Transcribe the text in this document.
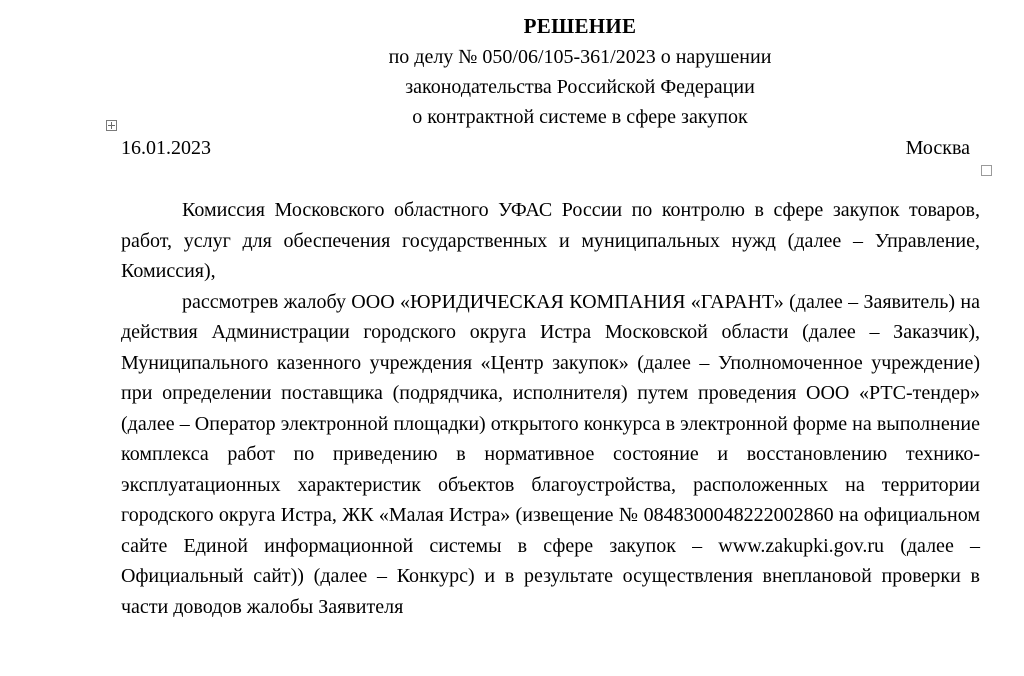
РЕШЕНИЕ
по делу № 050/06/105-361/2023 о нарушении
законодательства Российской Федерации
о контрактной системе в сфере закупок
16.01.2023	Москва

Комиссия Московского областного УФАС России по контролю в сфере закупок товаров, работ, услуг для обеспечения государственных и муниципальных нужд (далее – Управление, Комиссия),

рассмотрев жалобу ООО «ЮРИДИЧЕСКАЯ КОМПАНИЯ «ГАРАНТ» (далее – Заявитель) на действия Администрации городского округа Истра Московской области (далее – Заказчик), Муниципального казенного учреждения «Центр закупок» (далее – Уполномоченное учреждение) при определении поставщика (подрядчика, исполнителя) путем проведения ООО «РТС-тендер» (далее – Оператор электронной площадки) открытого конкурса в электронной форме на выполнение комплекса работ по приведению в нормативное состояние и восстановлению технико-эксплуатационных характеристик объектов благоустройства, расположенных на территории городского округа Истра, ЖК «Малая Истра» (извещение № 0848300048222002860 на официальном сайте Единой информационной системы в сфере закупок – www.zakupki.gov.ru (далее – Официальный сайт)) (далее – Конкурс) и в результате осуществления внеплановой проверки в части доводов жалобы Заявителя
